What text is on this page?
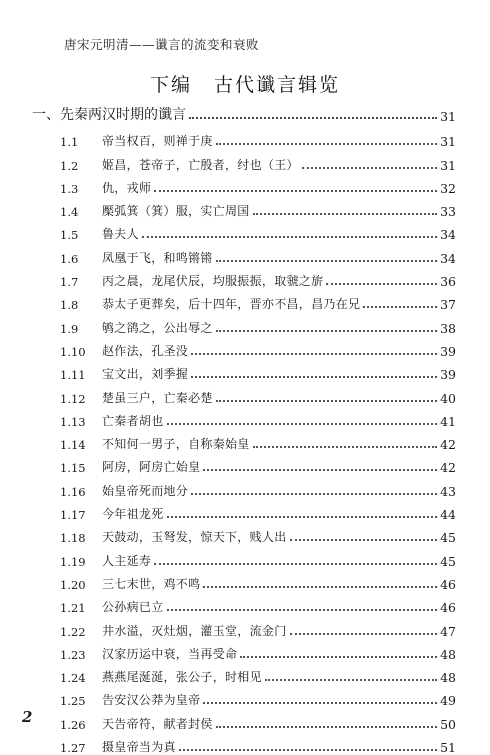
唐宋元明清——谶言的流变和衰败
下编 古代谶言辑览
一、先秦两汉时期的谶言	31
1.1	帝当权百，则禅于庚	31
1.2	姬昌，苍帝子，亡殷者，纣也（王）	31
1.3	仇，戎师	32
1.4	檿弧箕（箕）服，实亡周国	33
1.5	鲁夫人	34
1.6	凤凰于飞，和鸣锵锵	34
1.7	丙之晨，龙尾伏辰，均服振振，取虢之旂	36
1.8	恭太子更葬矣，后十四年，晋亦不昌，昌乃在兄	37
1.9	鸲之鹆之，公出辱之	38
1.10	赵作法，孔圣没	39
1.11	宝文出，刘季握	39
1.12	楚虽三户，亡秦必楚	40
1.13	亡秦者胡也	41
1.14	不知何一男子，自称秦始皇	42
1.15	阿房，阿房亡始皇	42
1.16	始皇帝死而地分	43
1.17	今年祖龙死	44
1.18	天鼓动，玉弩发，惊天下，贱人出	45
1.19	人主延寿	45
1.20	三七末世，鸡不鸣	46
1.21	公孙病已立	46
1.22	井水溢，灭灶烟，灌玉堂，流金门	47
1.23	汉家历运中衰，当再受命	48
1.24	燕燕尾涎涎，张公子，时相见	48
1.25	告安汉公莽为皇帝	49
1.26	天告帝符，献者封侯	50
1.27	摄皇帝当为真	51
2
